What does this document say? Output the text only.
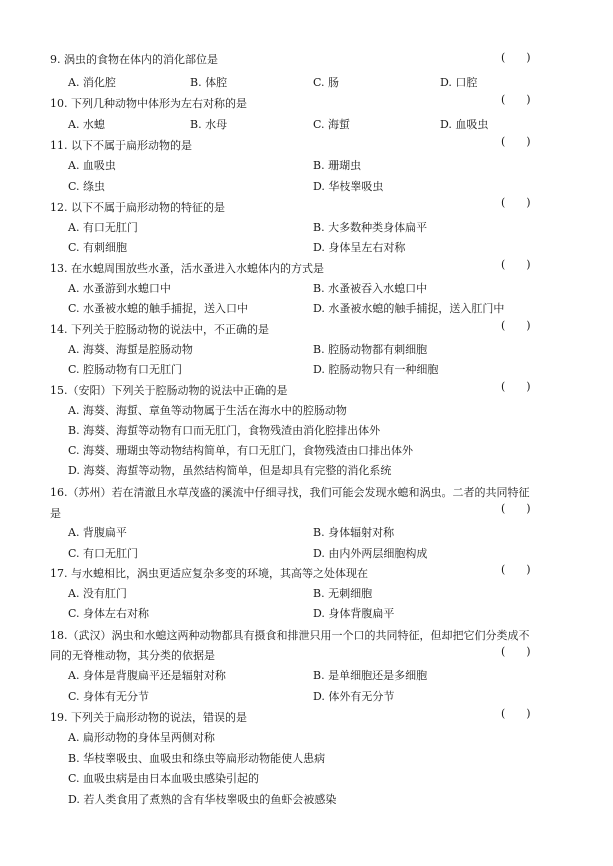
9. 涡虫的食物在体内的消化部位是	(      )
A. 消化腔	B. 体腔	C. 肠	D. 口腔
10. 下列几种动物中体形为左右对称的是	(      )
A. 水螅	B. 水母	C. 海蜇	D. 血吸虫
11. 以下不属于扁形动物的是	(      )
A. 血吸虫	B. 珊瑚虫
C. 绦虫	D. 华枝睾吸虫
12. 以下不属于扁形动物的特征的是	(      )
A. 有口无肛门	B. 大多数种类身体扁平
C. 有刺细胞	D. 身体呈左右对称
13. 在水螅周围放些水蚤，活水蚤进入水螅体内的方式是	(      )
A. 水蚤游到水螅口中	B. 水蚤被吞入水螅口中
C. 水蚤被水螅的触手捕捉，送入口中	D. 水蚤被水螅的触手捕捉，送入肛门中
14. 下列关于腔肠动物的说法中，不正确的是	(      )
A. 海葵、海蜇是腔肠动物	B. 腔肠动物都有刺细胞
C. 腔肠动物有口无肛门	D. 腔肠动物只有一种细胞
15.（安阳）下列关于腔肠动物的说法中正确的是	(      )
A. 海葵、海蜇、章鱼等动物属于生活在海水中的腔肠动物
B. 海葵、海蜇等动物有口而无肛门，食物残渣由消化腔排出体外
C. 海葵、珊瑚虫等动物结构简单，有口无肛门，食物残渣由口排出体外
D. 海葵、海蜇等动物，虽然结构简单，但是却具有完整的消化系统
16.（苏州）若在清澈且水草茂盛的溪流中仔细寻找，我们可能会发现水螅和涡虫。二者的共同特征
是	(      )
A. 背腹扁平	B. 身体辐射对称
C. 有口无肛门	D. 由内外两层细胞构成
17. 与水螅相比，涡虫更适应复杂多变的环境，其高等之处体现在	(      )
A. 没有肛门	B. 无刺细胞
C. 身体左右对称	D. 身体背腹扁平
18.（武汉）涡虫和水螅这两种动物都具有摄食和排泄只用一个口的共同特征，但却把它们分类成不
同的无脊椎动物，其分类的依据是	(      )
A. 身体是背腹扁平还是辐射对称	B. 是单细胞还是多细胞
C. 身体有无分节	D. 体外有无分节
19. 下列关于扁形动物的说法，错误的是	(      )
A. 扁形动物的身体呈两侧对称
B. 华枝睾吸虫、血吸虫和绦虫等扁形动物能使人患病
C. 血吸虫病是由日本血吸虫感染引起的
D. 若人类食用了煮熟的含有华枝睾吸虫的鱼虾会被感染
